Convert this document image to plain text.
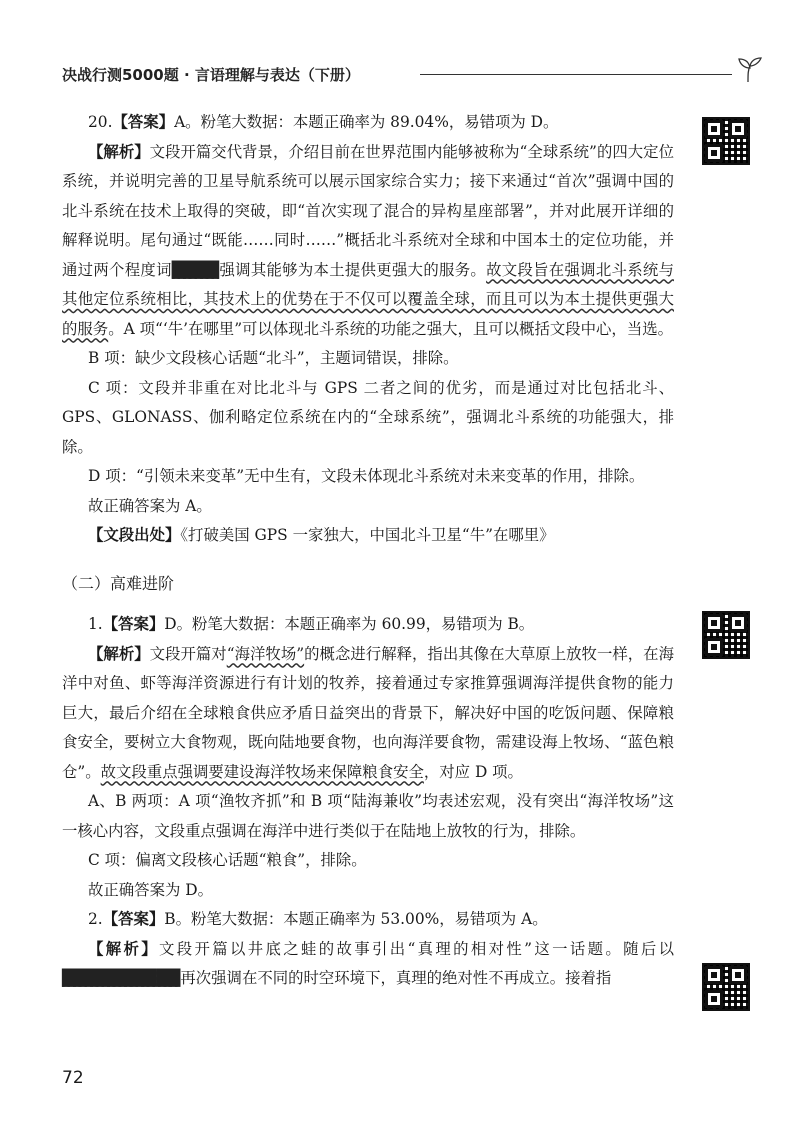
决战行测5000题 · 言语理解与表达（下册）

20.【答案】A。粉笔大数据：本题正确率为 89.04%，易错项为 D。

【解析】文段开篇交代背景，介绍目前在世界范围内能够被称为“全球系统”的四大定位系统，并说明完善的卫星导航系统可以展示国家综合实力；接下来通过“首次”强调中国的北斗系统在技术上取得的突破，即“首次实现了混合的异构星座部署”，并对此展开详细的解释说明。尾句通过“既能……同时……”概括北斗系统对全球和中国本土的定位功能，并通过两个程度词████强调其能够为本土提供更强大的服务。故文段旨在强调北斗系统与其他定位系统相比，其技术上的优势在于不仅可以覆盖全球，而且可以为本土提供更强大的服务。A 项“‘牛’在哪里”可以体现北斗系统的功能之强大，且可以概括文段中心，当选。

B 项：缺少文段核心话题“北斗”，主题词错误，排除。

C 项：文段并非重在对比北斗与 GPS 二者之间的优劣，而是通过对比包括北斗、GPS、GLONASS、伽利略定位系统在内的“全球系统”，强调北斗系统的功能强大，排除。

D 项：“引领未来变革”无中生有，文段未体现北斗系统对未来变革的作用，排除。

故正确答案为 A。

【文段出处】《打破美国 GPS 一家独大，中国北斗卫星“牛”在哪里》

（二）高难进阶

1.【答案】D。粉笔大数据：本题正确率为 60.99，易错项为 B。

【解析】文段开篇对“海洋牧场”的概念进行解释，指出其像在大草原上放牧一样，在海洋中对鱼、虾等海洋资源进行有计划的牧养，接着通过专家推算强调海洋提供食物的能力巨大，最后介绍在全球粮食供应矛盾日益突出的背景下，解决好中国的吃饭问题、保障粮食安全，要树立大食物观，既向陆地要食物，也向海洋要食物，需建设海上牧场、“蓝色粮仓”。故文段重点强调要建设海洋牧场来保障粮食安全，对应 D 项。

A、B 两项：A 项“渔牧齐抓”和 B 项“陆海兼收”均表述宏观，没有突出“海洋牧场”这一核心内容，文段重点强调在海洋中进行类似于在陆地上放牧的行为，排除。

C 项：偏离文段核心话题“粮食”，排除。

故正确答案为 D。

2.【答案】B。粉笔大数据：本题正确率为 53.00%，易错项为 A。

【解析】文段开篇以井底之蛙的故事引出“真理的相对性”这一话题。随后以██████████再次强调在不同的时空环境下，真理的绝对性不再成立。接着指

72
